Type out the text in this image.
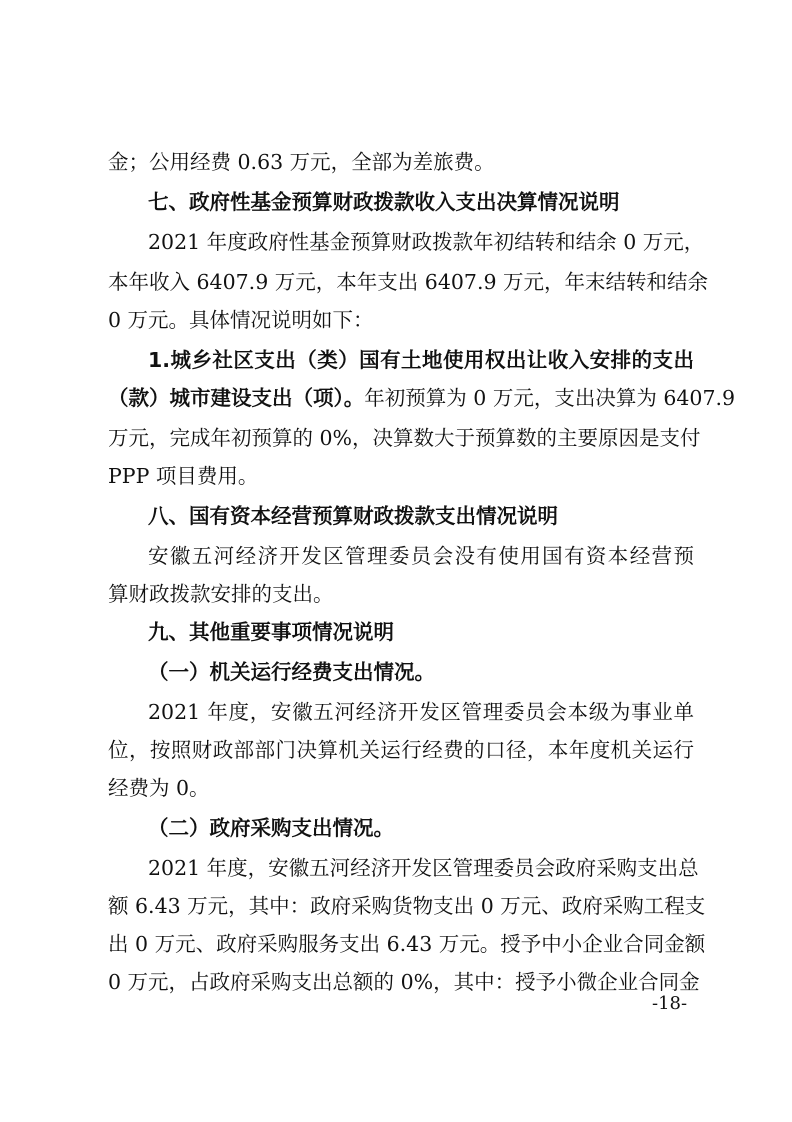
金；公用经费 0.63 万元，全部为差旅费。
七、政府性基金预算财政拨款收入支出决算情况说明
2021 年度政府性基金预算财政拨款年初结转和结余 0 万元，
本年收入 6407.9 万元，本年支出 6407.9 万元，年末结转和结余
0 万元。具体情况说明如下：
1.城乡社区支出（类）国有土地使用权出让收入安排的支出
（款）城市建设支出（项）。 年初预算为 0 万元，支出决算为 6407.9
万元，完成年初预算的 0%，决算数大于预算数的主要原因是支付
PPP 项目费用。
八、国有资本经营预算财政拨款支出情况说明
安徽五河经济开发区管理委员会没有使用国有资本经营预
算财政拨款安排的支出。
九、其他重要事项情况说明
（一）机关运行经费支出情况。
2021 年度，安徽五河经济开发区管理委员会本级为事业单
位，按照财政部部门决算机关运行经费的口径，本年度机关运行
经费为 0。
（二）政府采购支出情况。
2021 年度，安徽五河经济开发区管理委员会政府采购支出总
额 6.43 万元，其中：政府采购货物支出 0 万元、政府采购工程支
出 0 万元、政府采购服务支出 6.43 万元。授予中小企业合同金额
0 万元，占政府采购支出总额的 0%，其中：授予小微企业合同金
-18-
